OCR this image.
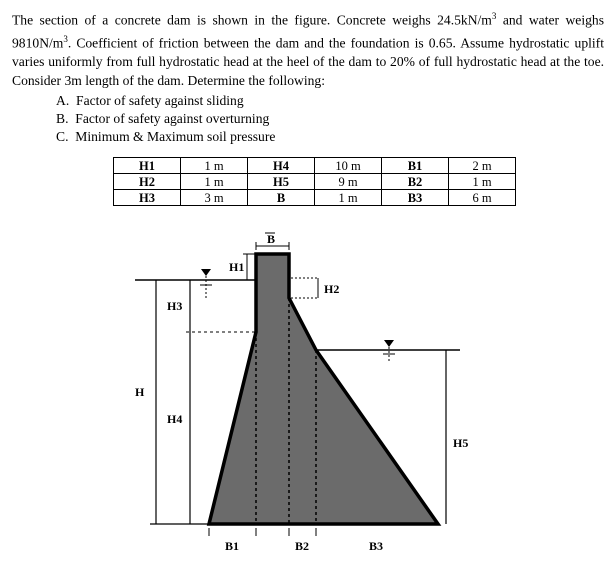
The section of a concrete dam is shown in the figure. Concrete weighs $24.5kN/m^3$ and water weighs $9810N/m^3$. Coefficient of friction between the dam and the foundation is 0.65. Assume hydrostatic uplift varies uniformly from full hydrostatic head at the heel of the dam to 20% of full hydrostatic head at the toe. Consider 3m length of the dam. Determine the following:

A. Factor of safety against sliding
B. Factor of safety against overturning
C. Minimum & Maximum soil pressure
H1	1 m	H4	10 m	B1	2 m
H2	1 m	H5	9 m	B2	1 m
H3	3 m	B	1 m	B3	6 m
B
H1
H2
H3
H4
H
H5
B1	B2	B3
